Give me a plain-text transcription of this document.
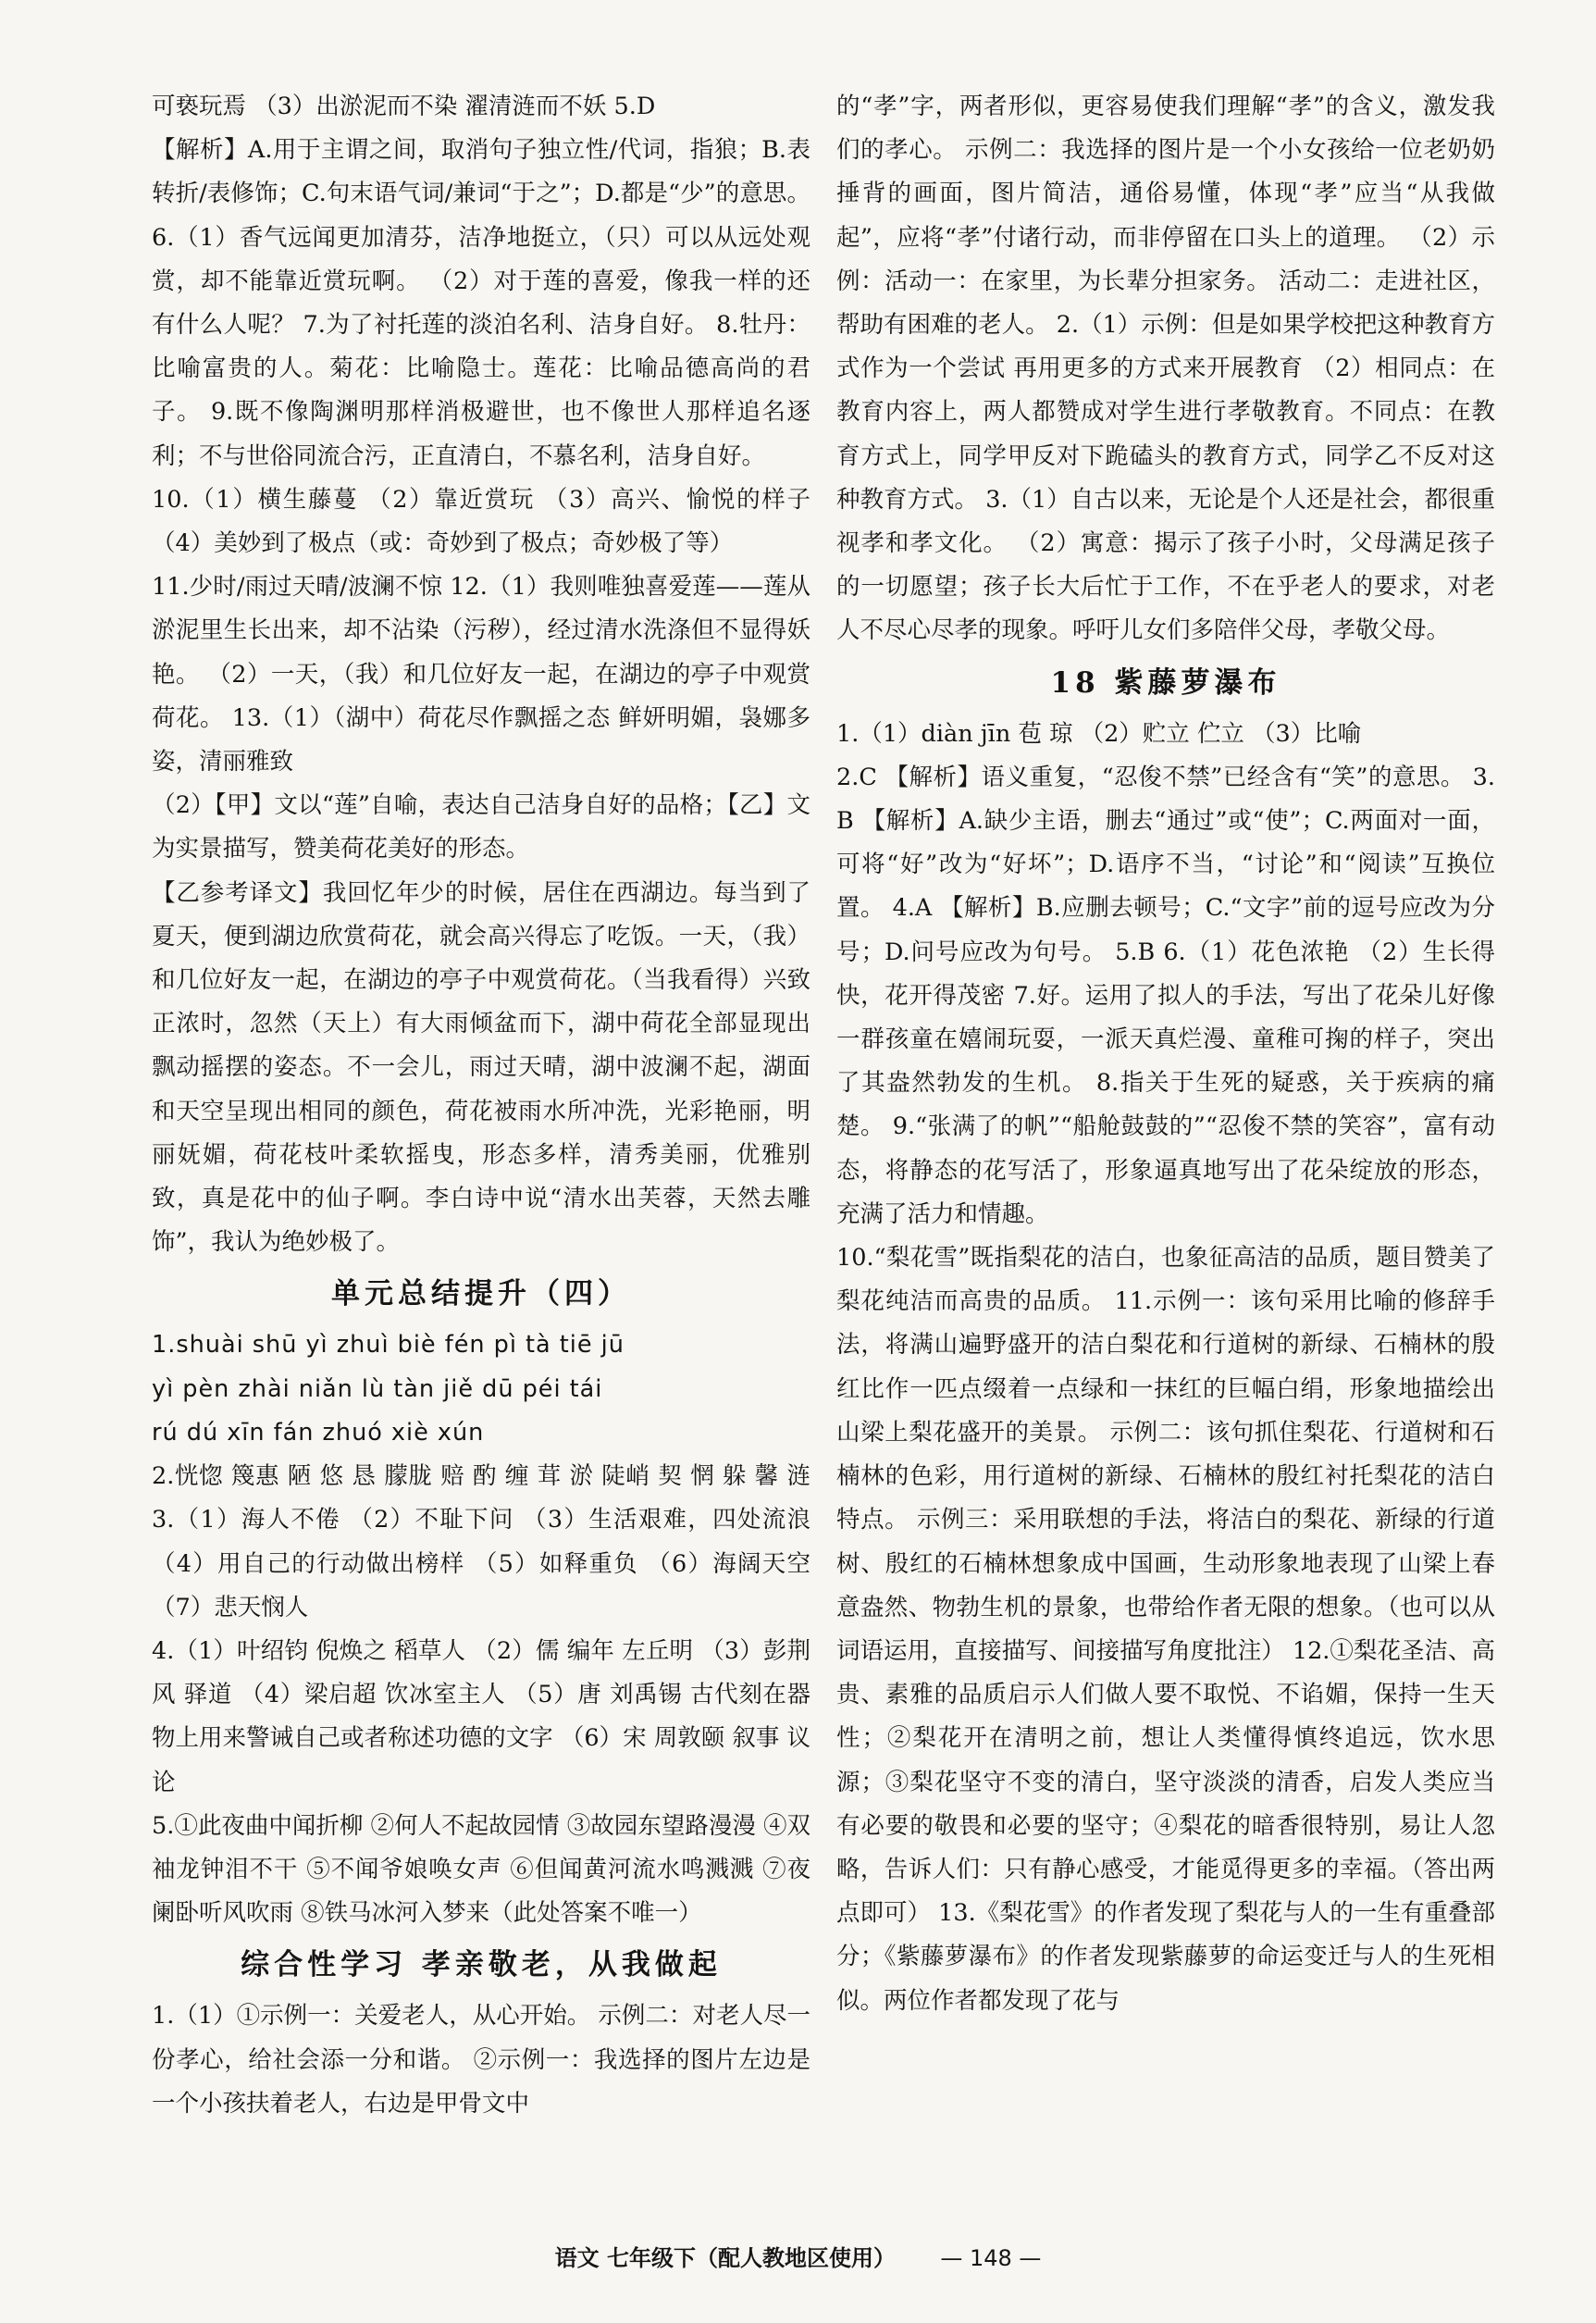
可亵玩焉 （3）出淤泥而不染 濯清涟而不妖 5.D

【解析】A.用于主谓之间，取消句子独立性/代词，指狼；B.表转折/表修饰；C.句末语气词/兼词“于之”；D.都是“少”的意思。 6.（1）香气远闻更加清芬，洁净地挺立，（只）可以从远处观赏，却不能靠近赏玩啊。 （2）对于莲的喜爱，像我一样的还有什么人呢？ 7.为了衬托莲的淡泊名利、洁身自好。 8.牡丹：比喻富贵的人。菊花：比喻隐士。莲花：比喻品德高尚的君子。 9.既不像陶渊明那样消极避世，也不像世人那样追名逐利；不与世俗同流合污，正直清白，不慕名利，洁身自好。

10.（1）横生藤蔓 （2）靠近赏玩 （3）高兴、愉悦的样子 （4）美妙到了极点（或：奇妙到了极点；奇妙极了等）

11.少时/雨过天晴/波澜不惊 12.（1）我则唯独喜爱莲——莲从淤泥里生长出来，却不沾染（污秽），经过清水洗涤但不显得妖艳。 （2）一天，（我）和几位好友一起，在湖边的亭子中观赏荷花。 13.（1）（湖中）荷花尽作飘摇之态 鲜妍明媚，袅娜多姿，清丽雅致

（2）【甲】文以“莲”自喻，表达自己洁身自好的品格；【乙】文为实景描写，赞美荷花美好的形态。

【乙参考译文】我回忆年少的时候，居住在西湖边。每当到了夏天，便到湖边欣赏荷花，就会高兴得忘了吃饭。一天，（我）和几位好友一起，在湖边的亭子中观赏荷花。（当我看得）兴致正浓时，忽然（天上）有大雨倾盆而下，湖中荷花全部显现出飘动摇摆的姿态。不一会儿，雨过天晴，湖中波澜不起，湖面和天空呈现出相同的颜色，荷花被雨水所冲洗，光彩艳丽，明丽妩媚，荷花枝叶柔软摇曳，形态多样，清秀美丽，优雅别致，真是花中的仙子啊。李白诗中说“清水出芙蓉，天然去雕饰”，我认为绝妙极了。

单元总结提升（四）

1.shuài shū yì zhuì biè fén pì tà tiē jū

yì pèn zhài niǎn lù tàn jiě dū péi tái

rú dú xīn fán zhuó xiè xún

2.恍惚 篾惠 陋 悠 恳 朦胧 赔 酌 缠 茸 淤 陡峭 契 惘 躲 馨 涟 3.（1）海人不倦 （2）不耻下问 （3）生活艰难，四处流浪 （4）用自己的行动做出榜样 （5）如释重负 （6）海阔天空 （7）悲天悯人

4.（1）叶绍钧 倪焕之 稻草人 （2）儒 编年 左丘明 （3）彭荆风 驿道 （4）梁启超 饮冰室主人 （5）唐 刘禹锡 古代刻在器物上用来警诫自己或者称述功德的文字 （6）宋 周敦颐 叙事 议论

5.①此夜曲中闻折柳 ②何人不起故园情 ③故园东望路漫漫 ④双袖龙钟泪不干 ⑤不闻爷娘唤女声 ⑥但闻黄河流水鸣溅溅 ⑦夜阑卧听风吹雨 ⑧铁马冰河入梦来（此处答案不唯一）

综合性学习 孝亲敬老，从我做起

1.（1）①示例一：关爱老人，从心开始。 示例二：对老人尽一份孝心，给社会添一分和谐。 ②示例一：我选择的图片左边是一个小孩扶着老人，右边是甲骨文中

的“孝”字，两者形似，更容易使我们理解“孝”的含义，激发我们的孝心。 示例二：我选择的图片是一个小女孩给一位老奶奶捶背的画面，图片简洁，通俗易懂，体现“孝”应当“从我做起”，应将“孝”付诸行动，而非停留在口头上的道理。 （2）示例：活动一：在家里，为长辈分担家务。 活动二：走进社区，帮助有困难的老人。 2.（1）示例：但是如果学校把这种教育方式作为一个尝试 再用更多的方式来开展教育 （2）相同点：在教育内容上，两人都赞成对学生进行孝敬教育。不同点：在教育方式上，同学甲反对下跪磕头的教育方式，同学乙不反对这种教育方式。 3.（1）自古以来，无论是个人还是社会，都很重视孝和孝文化。 （2）寓意：揭示了孩子小时，父母满足孩子的一切愿望；孩子长大后忙于工作，不在乎老人的要求，对老人不尽心尽孝的现象。呼吁儿女们多陪伴父母，孝敬父母。

18 紫藤萝瀑布

1.（1）diàn jīn 苞 琼 （2）贮立 伫立 （3）比喻

2.C 【解析】语义重复，“忍俊不禁”已经含有“笑”的意思。 3.B 【解析】A.缺少主语，删去“通过”或“使”；C.两面对一面，可将“好”改为“好坏”；D.语序不当，“讨论”和“阅读”互换位置。 4.A 【解析】B.应删去顿号；C.“文字”前的逗号应改为分号；D.问号应改为句号。 5.B 6.（1）花色浓艳 （2）生长得快，花开得茂密 7.好。运用了拟人的手法，写出了花朵儿好像一群孩童在嬉闹玩耍，一派天真烂漫、童稚可掬的样子，突出了其盎然勃发的生机。 8.指关于生死的疑惑，关于疾病的痛楚。 9.“张满了的帆”“船舱鼓鼓的”“忍俊不禁的笑容”，富有动态，将静态的花写活了，形象逼真地写出了花朵绽放的形态，充满了活力和情趣。

10.“梨花雪”既指梨花的洁白，也象征高洁的品质，题目赞美了梨花纯洁而高贵的品质。 11.示例一：该句采用比喻的修辞手法，将满山遍野盛开的洁白梨花和行道树的新绿、石楠林的殷红比作一匹点缀着一点绿和一抹红的巨幅白绢，形象地描绘出山梁上梨花盛开的美景。 示例二：该句抓住梨花、行道树和石楠林的色彩，用行道树的新绿、石楠林的殷红衬托梨花的洁白特点。 示例三：采用联想的手法，将洁白的梨花、新绿的行道树、殷红的石楠林想象成中国画，生动形象地表现了山梁上春意盎然、物勃生机的景象，也带给作者无限的想象。（也可以从词语运用，直接描写、间接描写角度批注） 12.①梨花圣洁、高贵、素雅的品质启示人们做人要不取悦、不谄媚，保持一生天性；②梨花开在清明之前，想让人类懂得慎终追远，饮水思源；③梨花坚守不变的清白，坚守淡淡的清香，启发人类应当有必要的敬畏和必要的坚守；④梨花的暗香很特别，易让人忽略，告诉人们：只有静心感受，才能觅得更多的幸福。（答出两点即可） 13.《梨花雪》的作者发现了梨花与人的一生有重叠部分；《紫藤萝瀑布》的作者发现紫藤萝的命运变迁与人的生死相似。两位作者都发现了花与

语文 七年级下（配人教地区使用） — 148 —
